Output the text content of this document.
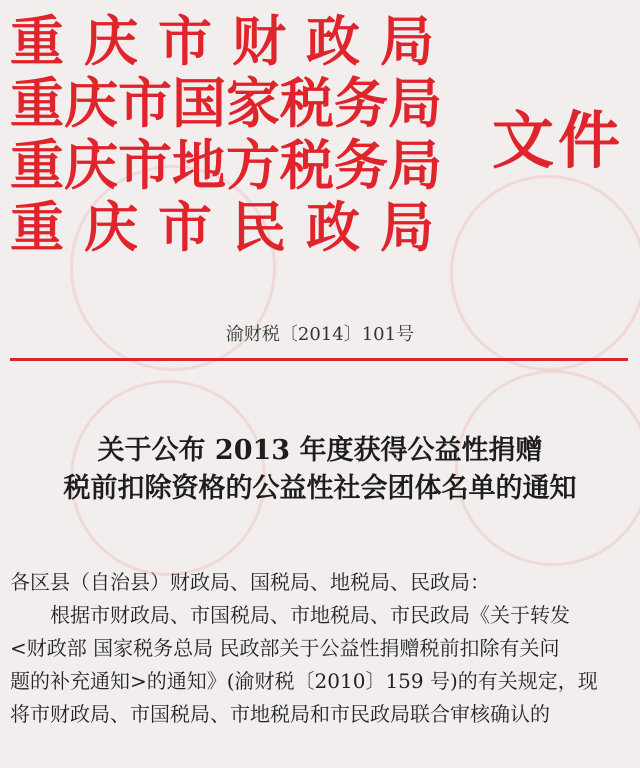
重庆市财政局
重庆市国家税务局
重庆市地方税务局
重庆市民政局
文件
渝财税〔2014〕101号
关于公布 2013 年度获得公益性捐赠
税前扣除资格的公益性社会团体名单的通知

各区县（自治县）财政局、国税局、地税局、民政局：

根据市财政局、市国税局、市地税局、市民政局《关于转发

<财政部 国家税务总局 民政部关于公益性捐赠税前扣除有关问

题的补充通知>的通知》(渝财税〔2010〕159 号)的有关规定，现

将市财政局、市国税局、市地税局和市民政局联合审核确认的
